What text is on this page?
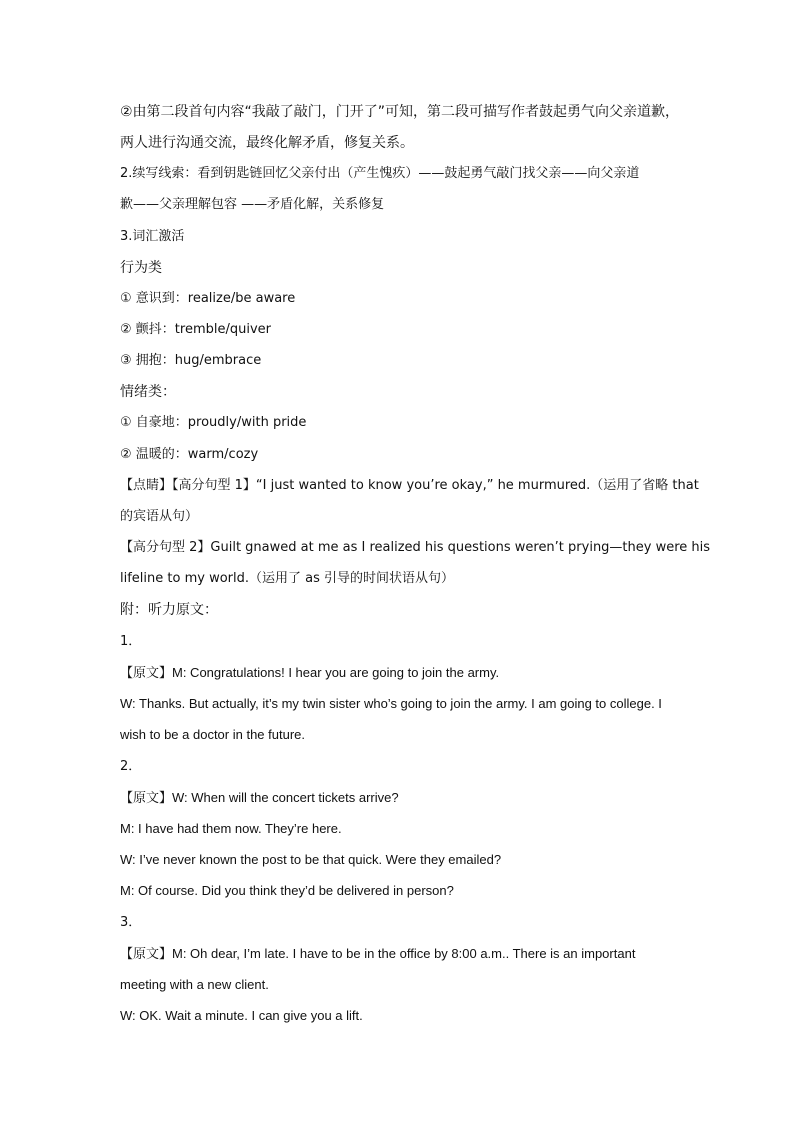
②由第二段首句内容“我敲了敲门，门开了”可知，第二段可描写作者鼓起勇气向父亲道歉，
两人进行沟通交流，最终化解矛盾，修复关系。
2.续写线索：看到钥匙链回忆父亲付出（产生愧疚）——鼓起勇气敲门找父亲——向父亲道
歉——父亲理解包容 ——矛盾化解，关系修复
3.词汇激活
行为类
① 意识到：realize/be aware
② 颤抖：tremble/quiver
③ 拥抱：hug/embrace
情绪类：
① 自豪地：proudly/with pride
② 温暖的：warm/cozy
【点睛】【高分句型 1】“I just wanted to know you’re okay,” he murmured.（运用了省略 that
的宾语从句）
【高分句型 2】Guilt gnawed at me as I realized his questions weren’t prying—they were his
lifeline to my world.（运用了 as 引导的时间状语从句）
附：听力原文：
1．
【原文】M: Congratulations! I hear you are going to join the army.
W: Thanks. But actually, it’s my twin sister who’s going to join the army. I am going to college. I
wish to be a doctor in the future.
2．
【原文】W: When will the concert tickets arrive?
M: I have had them now. They’re here.
W: I’ve never known the post to be that quick. Were they emailed?
M: Of course. Did you think they’d be delivered in person?
3．
【原文】M: Oh dear, I’m late. I have to be in the office by 8:00 a.m.. There is an important
meeting with a new client.
W: OK. Wait a minute. I can give you a lift.
